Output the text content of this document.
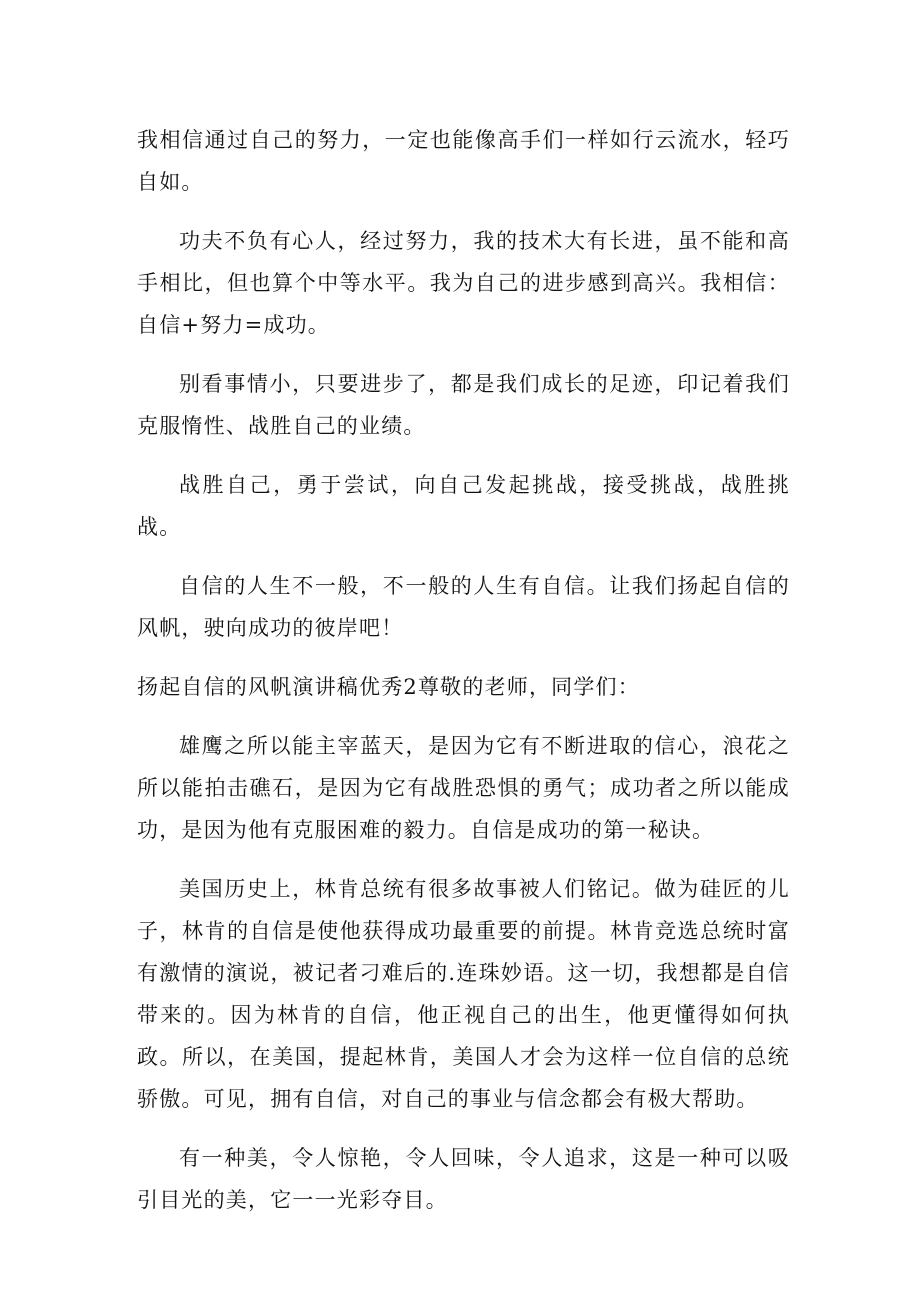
我相信通过自己的努力，一定也能像高手们一样如行云流水，轻巧自如。

功夫不负有心人，经过努力，我的技术大有长进，虽不能和高手相比，但也算个中等水平。我为自己的进步感到高兴。我相信：自信+努力=成功。

别看事情小，只要进步了，都是我们成长的足迹，印记着我们克服惰性、战胜自己的业绩。

战胜自己，勇于尝试，向自己发起挑战，接受挑战，战胜挑战。

自信的人生不一般，不一般的人生有自信。让我们扬起自信的风帆，驶向成功的彼岸吧！

扬起自信的风帆演讲稿优秀2尊敬的老师，同学们：

雄鹰之所以能主宰蓝天，是因为它有不断进取的信心，浪花之所以能拍击礁石，是因为它有战胜恐惧的勇气；成功者之所以能成功，是因为他有克服困难的毅力。自信是成功的第一秘诀。

美国历史上，林肯总统有很多故事被人们铭记。做为硅匠的儿子，林肯的自信是使他获得成功最重要的前提。林肯竞选总统时富有激情的演说，被记者刁难后的.连珠妙语。这一切，我想都是自信带来的。因为林肯的自信，他正视自己的出生，他更懂得如何执政。所以，在美国，提起林肯，美国人才会为这样一位自信的总统骄傲。可见，拥有自信，对自己的事业与信念都会有极大帮助。

有一种美，令人惊艳，令人回味，令人追求，这是一种可以吸引目光的美，它一一光彩夺目。
